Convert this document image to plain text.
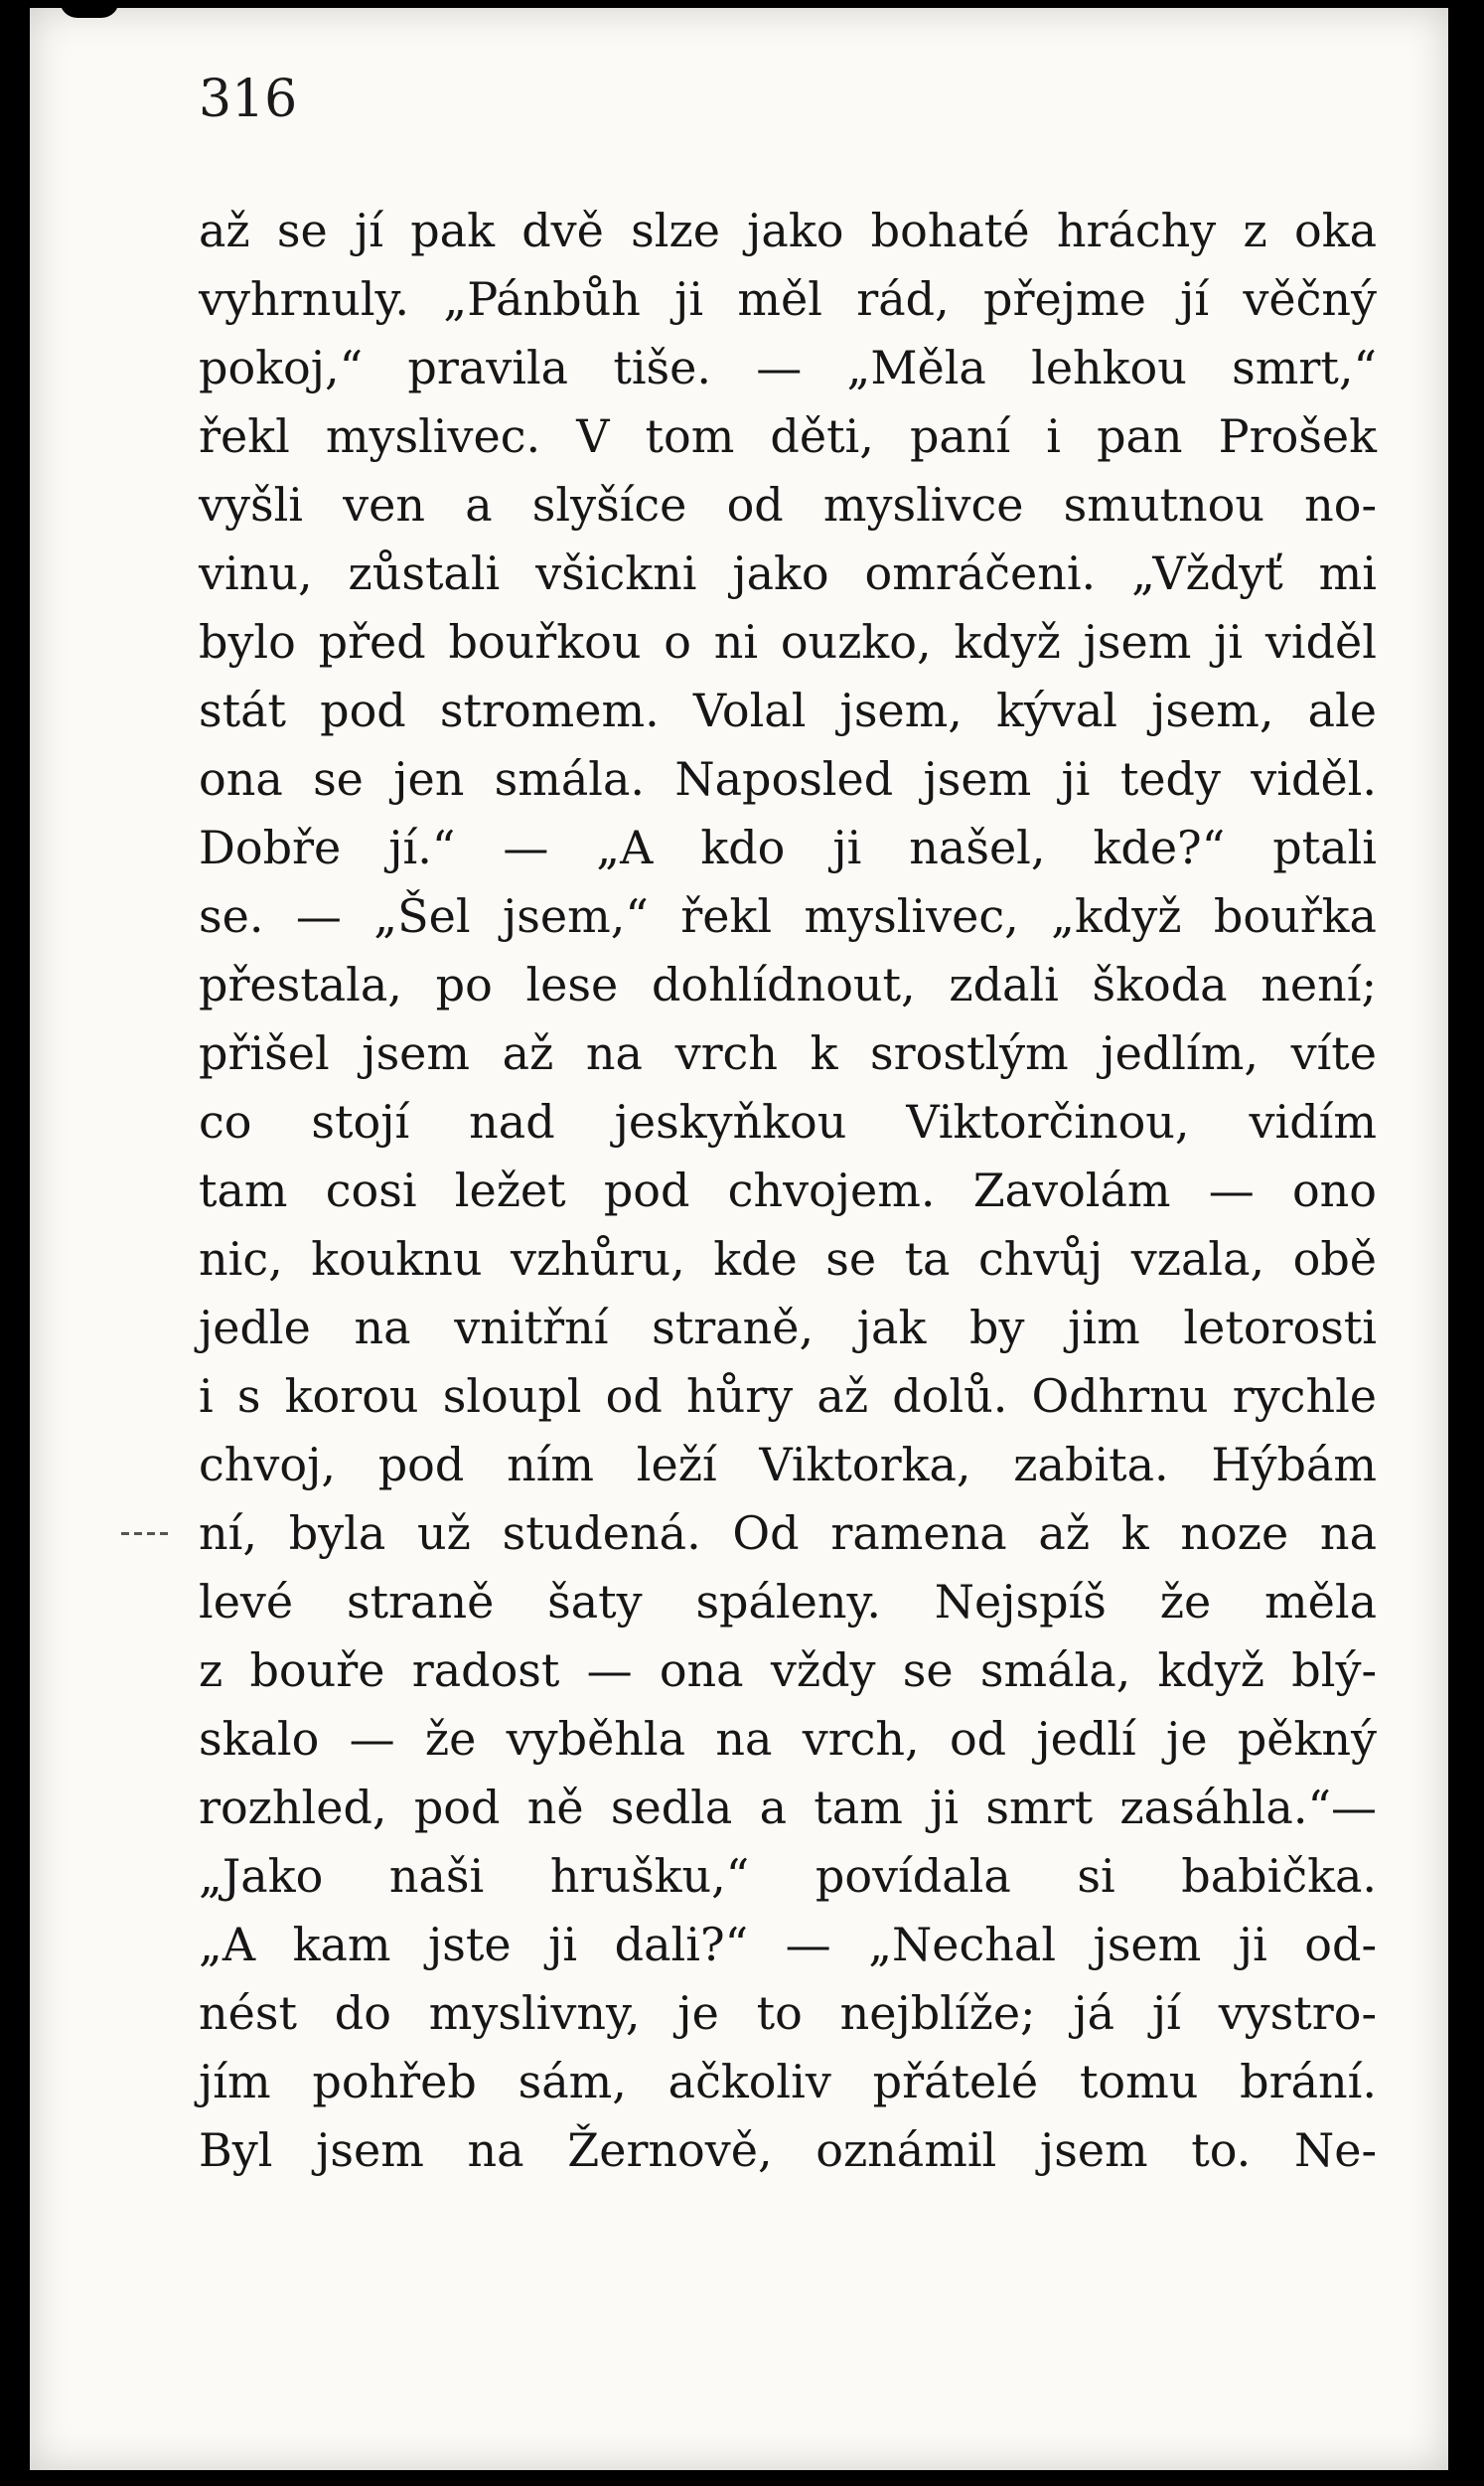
316

až se jí pak dvě slze jako bohaté hráchy z oka
vyhrnuly. „Pánbůh ji měl rád, přejme jí věčný
pokoj,“ pravila tiše. — „Měla lehkou smrt,“
řekl myslivec. V tom děti, paní i pan Prošek
vyšli ven a slyšíce od myslivce smutnou no-
vinu, zůstali všickni jako omráčeni. „Vždyť mi
bylo před bouřkou o ni ouzko, když jsem ji viděl
stát pod stromem. Volal jsem, kýval jsem, ale
ona se jen smála. Naposled jsem ji tedy viděl.
Dobře jí.“ — „A kdo ji našel, kde?“ ptali
se. — „Šel jsem,“ řekl myslivec, „když bouřka
přestala, po lese dohlídnout, zdali škoda není;
přišel jsem až na vrch k srostlým jedlím, víte
co stojí nad jeskyňkou Viktorčinou, vidím
tam cosi ležet pod chvojem. Zavolám — ono
nic, kouknu vzhůru, kde se ta chvůj vzala, obě
jedle na vnitřní straně, jak by jim letorosti
i s korou sloupl od hůry až dolů. Odhrnu rychle
chvoj, pod ním leží Viktorka, zabita. Hýbám
ní, byla už studená. Od ramena až k noze na
levé straně šaty spáleny. Nejspíš že měla
z bouře radost — ona vždy se smála, když blý-
skalo — že vyběhla na vrch, od jedlí je pěkný
rozhled, pod ně sedla a tam ji smrt zasáhla.“—
„Jako naši hrušku,“ povídala si babička.
„A kam jste ji dali?“ — „Nechal jsem ji od-
nést do myslivny, je to nejblíže; já jí vystro-
jím pohřeb sám, ačkoliv přátelé tomu brání.
Byl jsem na Žernově, oznámil jsem to. Ne-
